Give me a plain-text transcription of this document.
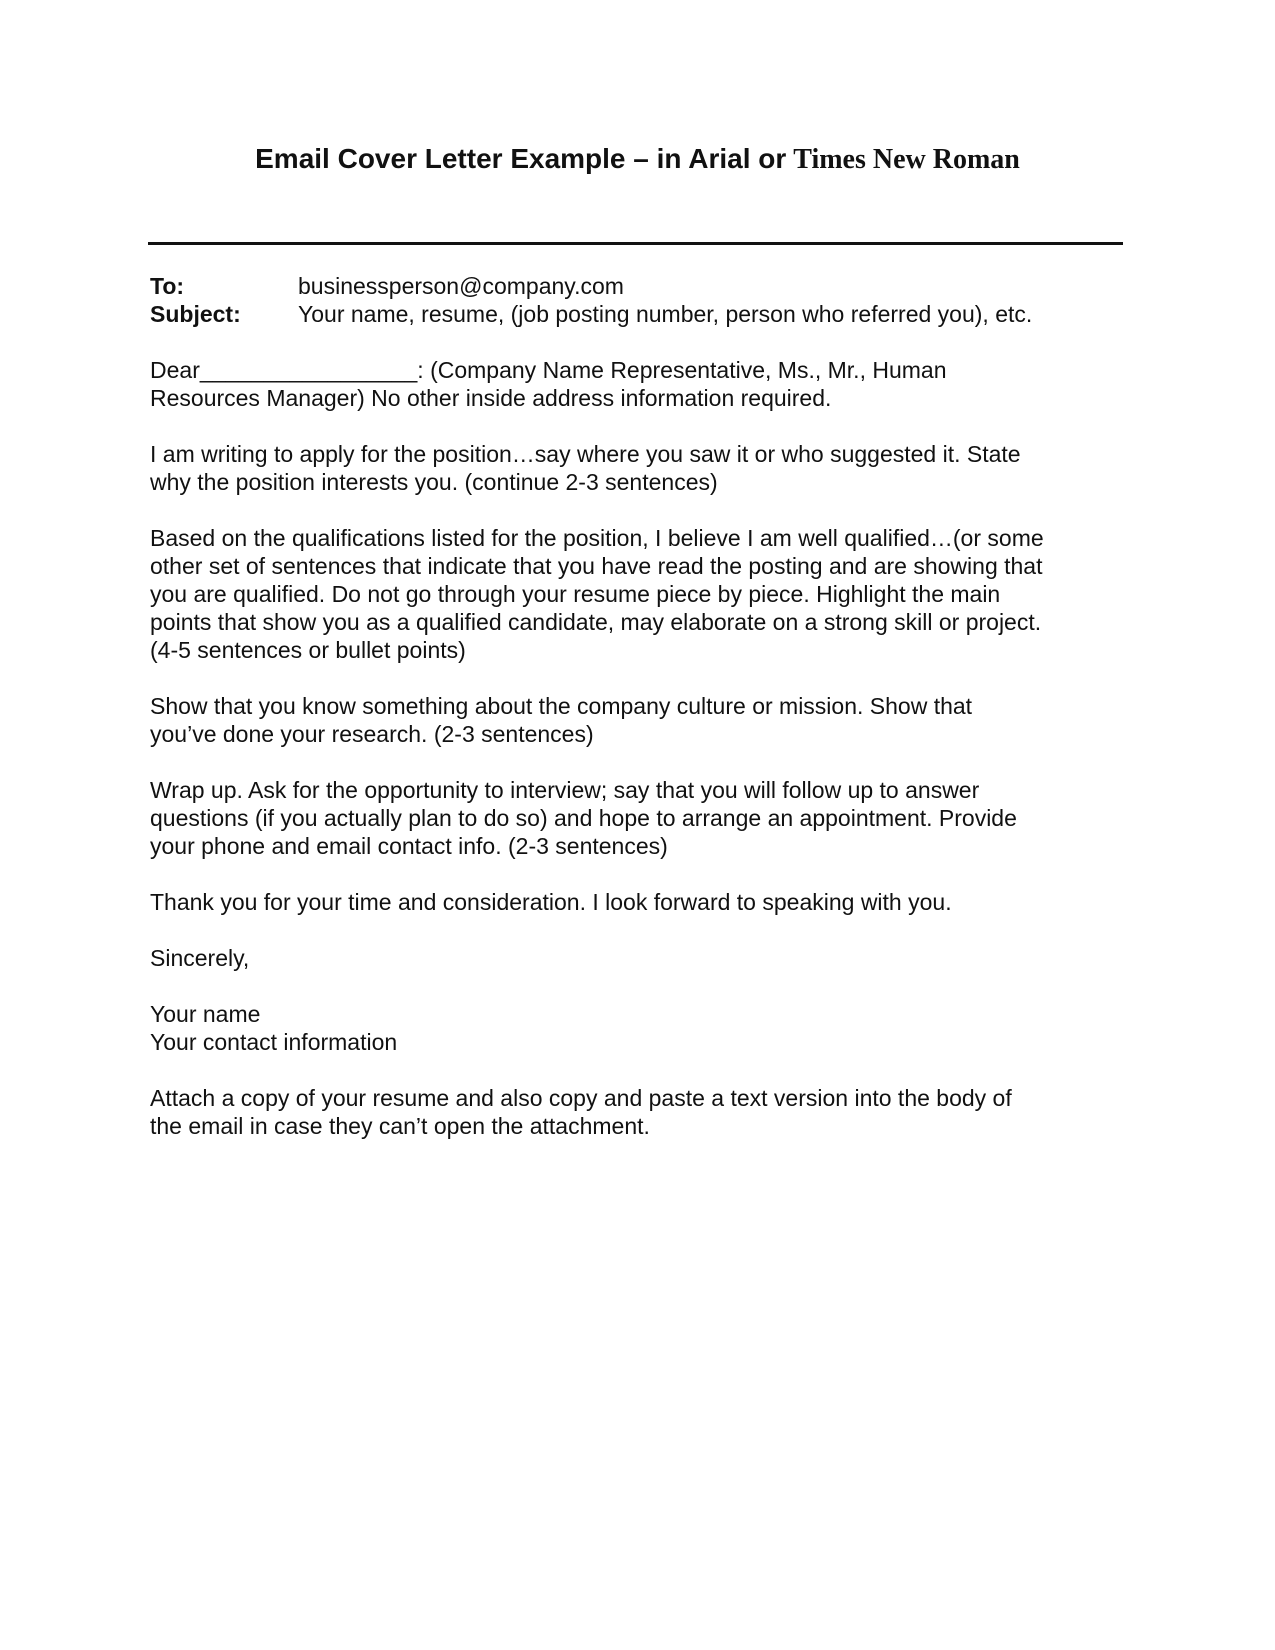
Email Cover Letter Example – in Arial or Times New Roman
To:	businessperson@company.com
Subject:	Your name, resume, (job posting number, person who referred you), etc.
Dear_________________: (Company Name Representative, Ms., Mr., Human
Resources Manager) No other inside address information required.
I am writing to apply for the position…say where you saw it or who suggested it. State
why the position interests you. (continue 2-3 sentences)
Based on the qualifications listed for the position, I believe I am well qualified…(or some
other set of sentences that indicate that you have read the posting and are showing that
you are qualified. Do not go through your resume piece by piece. Highlight the main
points that show you as a qualified candidate, may elaborate on a strong skill or project.
(4-5 sentences or bullet points)
Show that you know something about the company culture or mission. Show that
you’ve done your research. (2-3 sentences)
Wrap up. Ask for the opportunity to interview; say that you will follow up to answer
questions (if you actually plan to do so) and hope to arrange an appointment. Provide
your phone and email contact info. (2-3 sentences)
Thank you for your time and consideration. I look forward to speaking with you.
Sincerely,
Your name
Your contact information
Attach a copy of your resume and also copy and paste a text version into the body of
the email in case they can’t open the attachment.
